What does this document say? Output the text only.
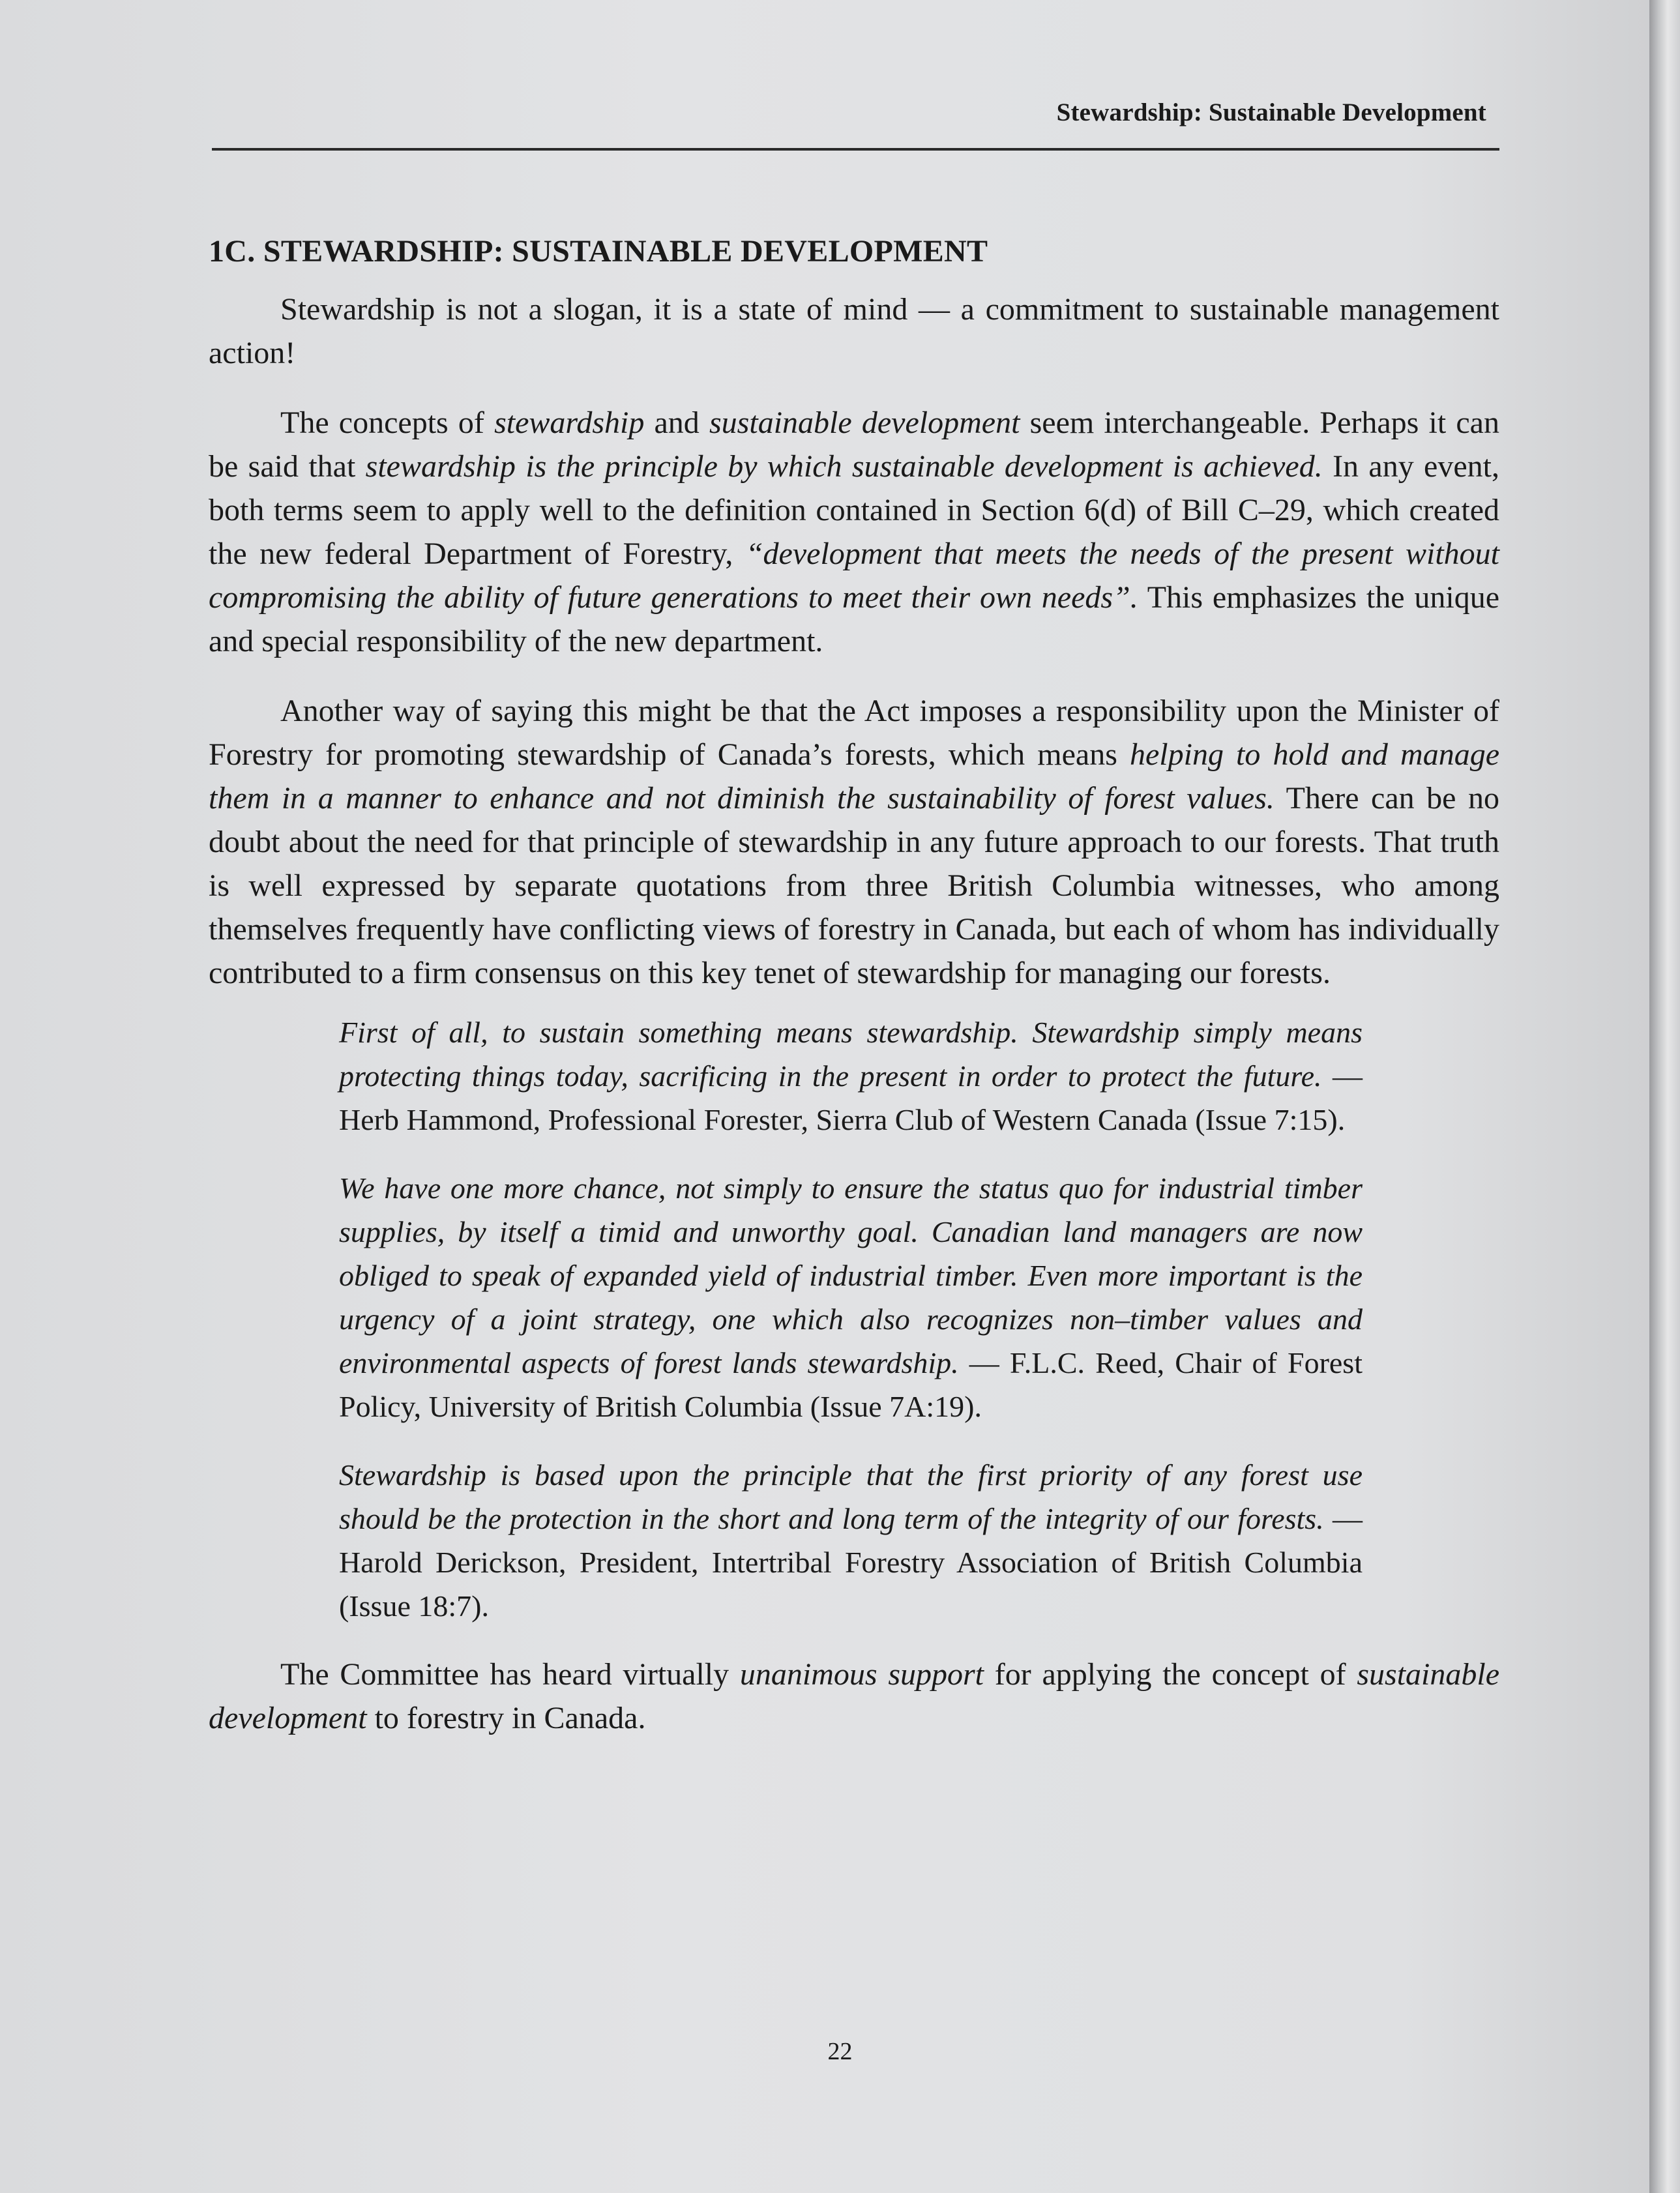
Stewardship: Sustainable Development
1C. STEWARDSHIP: SUSTAINABLE DEVELOPMENT

Stewardship is not a slogan, it is a state of mind — a commitment to sustainable management action!

The concepts of stewardship and sustainable development seem interchangeable. Perhaps it can be said that stewardship is the principle by which sustainable development is achieved. In any event, both terms seem to apply well to the definition contained in Section 6(d) of Bill C–29, which created the new federal Department of Forestry, “development that meets the needs of the present without compromising the ability of future generations to meet their own needs”. This emphasizes the unique and special responsibility of the new department.

Another way of saying this might be that the Act imposes a responsibility upon the Minister of Forestry for promoting stewardship of Canada’s forests, which means helping to hold and manage them in a manner to enhance and not diminish the sustainability of forest values. There can be no doubt about the need for that principle of stewardship in any future approach to our forests. That truth is well expressed by separate quotations from three British Columbia witnesses, who among themselves frequently have conflicting views of forestry in Canada, but each of whom has individually contributed to a firm consensus on this key tenet of stewardship for managing our forests.

First of all, to sustain something means stewardship. Stewardship simply means protecting things today, sacrificing in the present in order to protect the future. — Herb Hammond, Professional Forester, Sierra Club of Western Canada (Issue 7:15).

We have one more chance, not simply to ensure the status quo for industrial timber supplies, by itself a timid and unworthy goal. Canadian land managers are now obliged to speak of expanded yield of industrial timber. Even more important is the urgency of a joint strategy, one which also recognizes non–timber values and environmental aspects of forest lands stewardship. — F.L.C. Reed, Chair of Forest Policy, University of British Columbia (Issue 7A:19).

Stewardship is based upon the principle that the first priority of any forest use should be the protection in the short and long term of the integrity of our forests. — Harold Derickson, President, Intertribal Forestry Association of British Columbia (Issue 18:7).

The Committee has heard virtually unanimous support for applying the concept of sustainable development to forestry in Canada.

22
